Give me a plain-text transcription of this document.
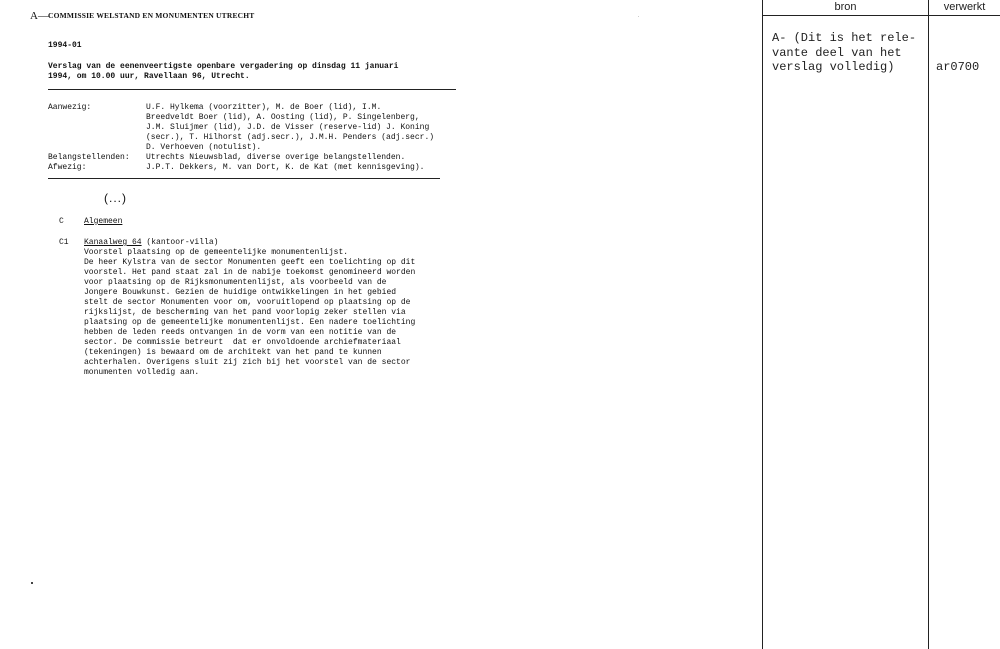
A— COMMISSIE WELSTAND EN MONUMENTEN UTRECHT
1994-01
Verslag van de eenenveertigste openbare vergadering op dinsdag 11 januari
1994, om 10.00 uur, Ravellaan 96, Utrecht.
Aanwezig:	U.F. Hylkema (voorzitter), M. de Boer (lid), I.M.
Breedveldt Boer (lid), A. Oosting (lid), P. Singelenberg,
J.M. Sluijmer (lid), J.D. de Visser (reserve-lid) J. Koning
(secr.), T. Hilhorst (adj.secr.), J.M.H. Penders (adj.secr.)
D. Verhoeven (notulist).
Belangstellenden: Utrechts Nieuwsblad, diverse overige belangstellenden.
Afwezig:	J.P.T. Dekkers, M. van Dort, K. de Kat (met kennisgeving).
(...)
C	Algemeen
C1 Kanaalweg 64 (kantoor-villa)
Voorstel plaatsing op de gemeentelijke monumentenlijst.
De heer Kylstra van de sector Monumenten geeft een toelichting op dit
voorstel. Het pand staat zal in de nabije toekomst genomineerd worden
voor plaatsing op de Rijksmonumentenlijst, als voorbeeld van de
Jongere Bouwkunst. Gezien de huidige ontwikkelingen in het gebied
stelt de sector Monumenten voor om, vooruitlopend op plaatsing op de
rijkslijst, de bescherming van het pand voorlopig zeker stellen via
plaatsing op de gemeentelijke monumentenlijst. Een nadere toelichting
hebben de leden reeds ontvangen in de vorm van een notitie van de
sector. De commissie betreurt  dat er onvoldoende archiefmateriaal
(tekeningen) is bewaard om de architekt van het pand te kunnen
achterhalen. Overigens sluit zij zich bij het voorstel van de sector
monumenten volledig aan.
bron	verwerkt
A- (Dit is het rele-
vante deel van het
verslag volledig)	ar0700
